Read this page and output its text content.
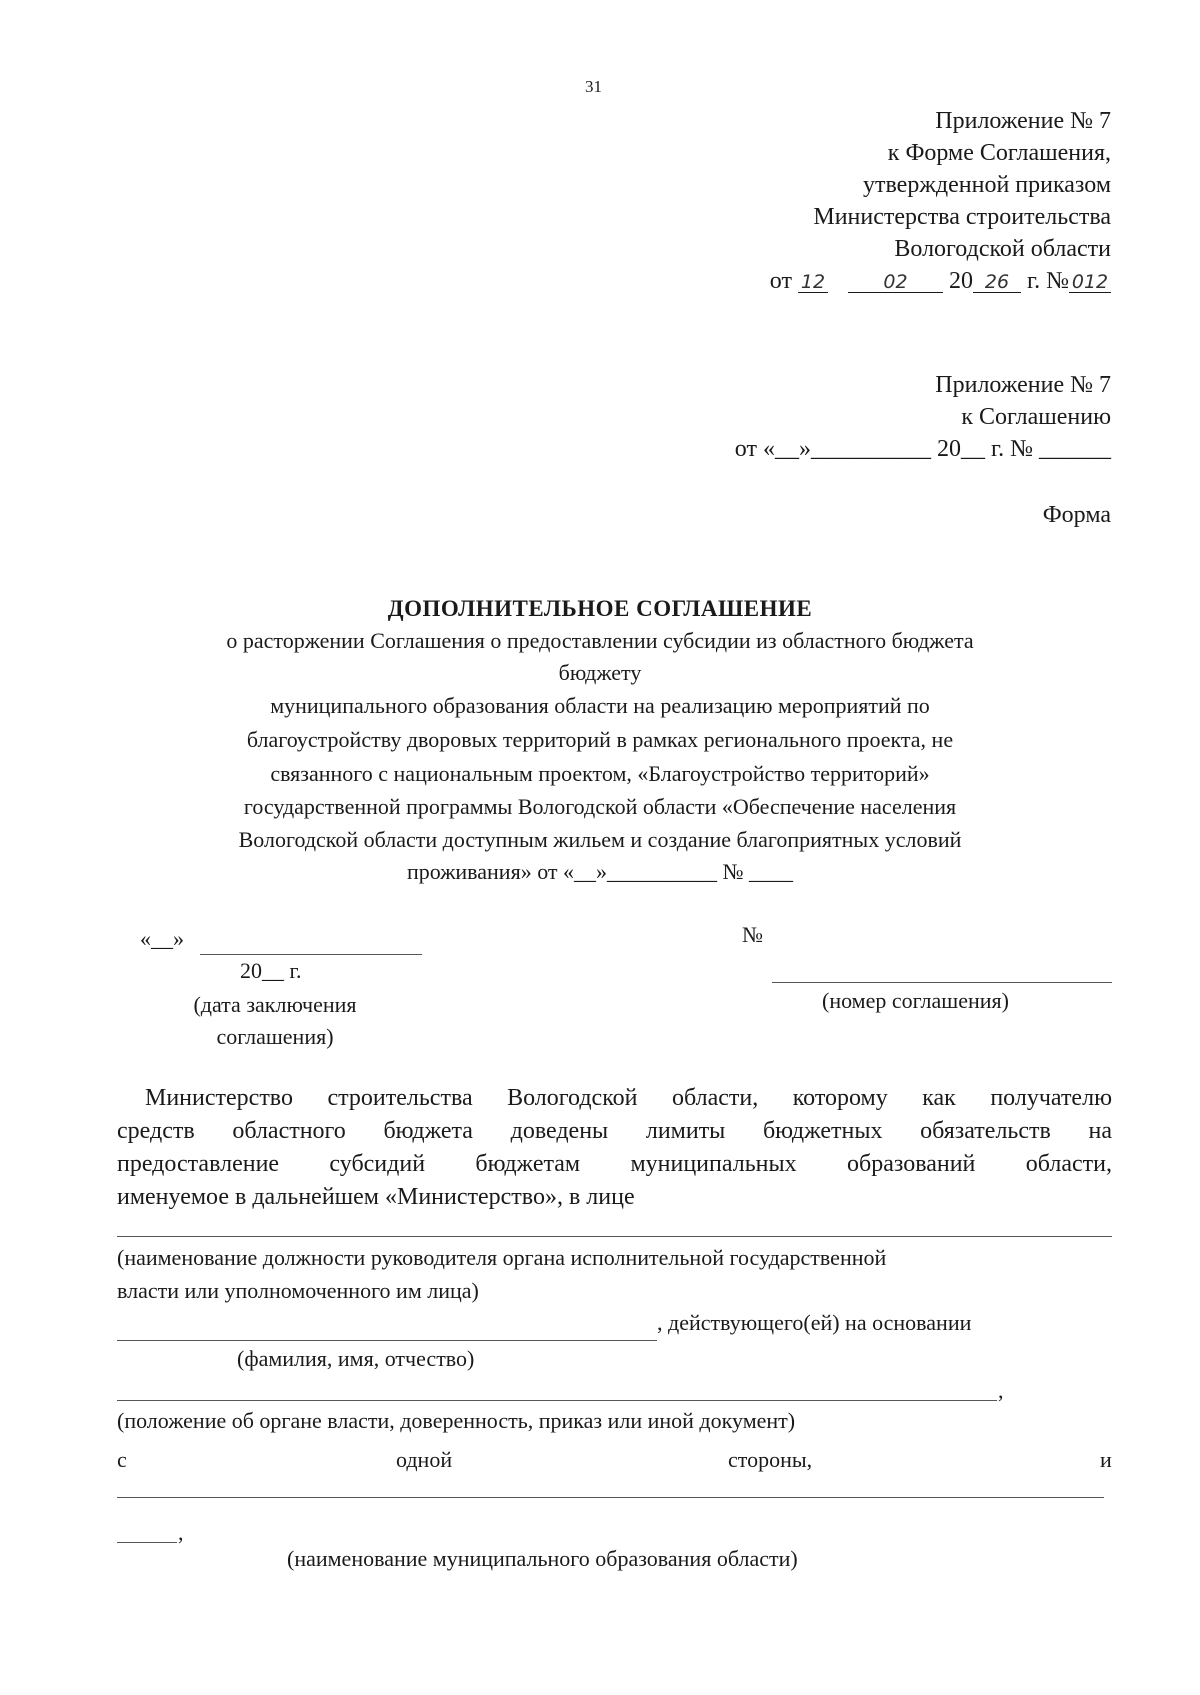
31
Приложение № 7
к Форме Соглашения,
утвержденной приказом
Министерства строительства
Вологодской области
от 12	02 20 26 г. № 012
Приложение № 7
к Соглашению
от «__»__________ 20__ г. № ______
Форма
ДОПОЛНИТЕЛЬНОЕ СОГЛАШЕНИЕ
о расторжении Соглашения о предоставлении субсидии из областного бюджета
бюджету
муниципального образования области на реализацию мероприятий по
благоустройству дворовых территорий в рамках регионального проекта, не
связанного с национальным проектом, «Благоустройство территорий»
государственной программы Вологодской области «Обеспечение населения
Вологодской области доступным жильем и создание благоприятных условий
проживания» от «__»__________ № ____
«__»
20__ г.
(дата заключения
соглашения)
№
(номер соглашения)
Министерство строительства Вологодской области, которому как получателю
средств областного бюджета доведены лимиты бюджетных обязательств на
предоставление субсидий бюджетам муниципальных образований области,
именуемое в дальнейшем «Министерство», в лице
(наименование должности руководителя органа исполнительной государственной
власти или уполномоченного им лица)
, действующего(ей) на основании
(фамилия, имя, отчество)
,
(положение об органе власти, доверенность, приказ или иной документ)
с	одной	стороны,	и
,
(наименование муниципального образования области)
